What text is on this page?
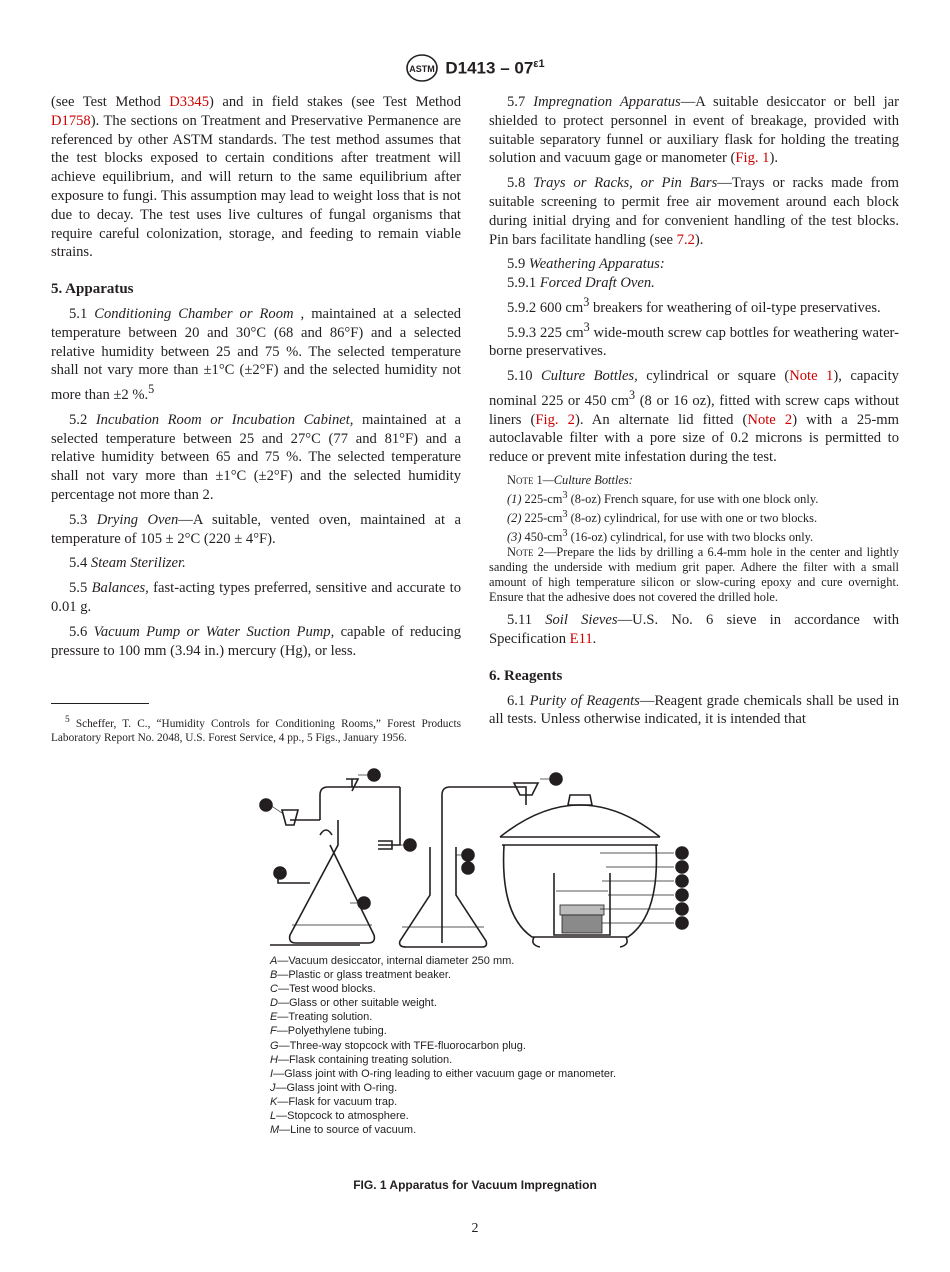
ASTM $D1413 - 07^{\varepsilon 1}$

(see Test Method D3345) and in field stakes (see Test Method D1758). The sections on Treatment and Preservative Permanence are referenced by other ASTM standards. The test method assumes that the test blocks exposed to certain conditions after treatment will achieve equilibrium, and will return to the same equilibrium after exposure to fungi. This assumption may lead to weight loss that is not due to decay. The test uses live cultures of fungal organisms that require careful colonization, storage, and feeding to remain viable strains.

5. Apparatus

5.1 Conditioning Chamber or Room , maintained at a selected temperature between 20 and 30°C (68 and 86°F) and a selected relative humidity between 25 and 75 %. The selected temperature shall not vary more than ±1°C (±2°F) and the selected humidity not more than ±2 %.$^5$

5.2 Incubation Room or Incubation Cabinet, maintained at a selected temperature between 25 and 27°C (77 and 81°F) and a relative humidity between 65 and 75 %. The selected temperature shall not vary more than ±1°C (±2°F) and the selected humidity percentage not more than 2.

5.3 Drying Oven—A suitable, vented oven, maintained at a temperature of 105 ± 2°C (220 ± 4°F).

5.4 Steam Sterilizer.

5.5 Balances, fast-acting types preferred, sensitive and accurate to 0.01 g.

5.6 Vacuum Pump or Water Suction Pump, capable of reducing pressure to 100 mm (3.94 in.) mercury (Hg), or less.

$^5$ Scheffer, T. C., “Humidity Controls for Conditioning Rooms,” Forest Products Laboratory Report No. 2048, U.S. Forest Service, 4 pp., 5 Figs., January 1956.

5.7 Impregnation Apparatus—A suitable desiccator or bell jar shielded to protect personnel in event of breakage, provided with suitable separatory funnel or auxiliary flask for holding the treating solution and vacuum gage or manometer (Fig. 1).

5.8 Trays or Racks, or Pin Bars—Trays or racks made from suitable screening to permit free air movement around each block during initial drying and for convenient handling of the test blocks. Pin bars facilitate handling (see 7.2).

5.9 Weathering Apparatus:

5.9.1 Forced Draft Oven.

5.9.2 600 $cm^3$ breakers for weathering of oil-type preservatives.

5.9.3 225 $cm^3$ wide-mouth screw cap bottles for weathering water-borne preservatives.

5.10 Culture Bottles, cylindrical or square (Note 1), capacity nominal 225 or 450 $cm^3$ (8 or 16 oz), fitted with screw caps without liners (Fig. 2). An alternate lid fitted (Note 2) with a 25-mm autoclavable filter with a pore size of 0.2 microns is permitted to reduce or prevent mite infestation during the test.

Note 1—Culture Bottles:

(1) $225-cm^3$ (8-oz) French square, for use with one block only.

(2) $225-cm^3$ (8-oz) cylindrical, for use with one or two blocks.

(3) $450-cm^3$ (16-oz) cylindrical, for use with two blocks only.

Note 2—Prepare the lids by drilling a 6.4-mm hole in the center and lightly sanding the underside with medium grit paper. Adhere the filter with a small amount of high temperature silicon or slow-curing epoxy and cure overnight. Ensure that the adhesive does not covered the drilled hole.

5.11 Soil Sieves—U.S. No. 6 sieve in accordance with Specification E11.

6. Reagents

6.1 Purity of Reagents—Reagent grade chemicals shall be used in all tests. Unless otherwise indicated, it is intended that

F
A
B
E
D
C
G
F
H
I
J
K
L
M
A—Vacuum desiccator, internal diameter 250 mm.
B—Plastic or glass treatment beaker.
C—Test wood blocks.
D—Glass or other suitable weight.
E—Treating solution.
F—Polyethylene tubing.
G—Three-way stopcock with TFE-fluorocarbon plug.
H—Flask containing treating solution.
I—Glass joint with O-ring leading to either vacuum gage or manometer.
J—Glass joint with O-ring.
K—Flask for vacuum trap.
L—Stopcock to atmosphere.
M—Line to source of vacuum.
FIG. 1 Apparatus for Vacuum Impregnation
2
